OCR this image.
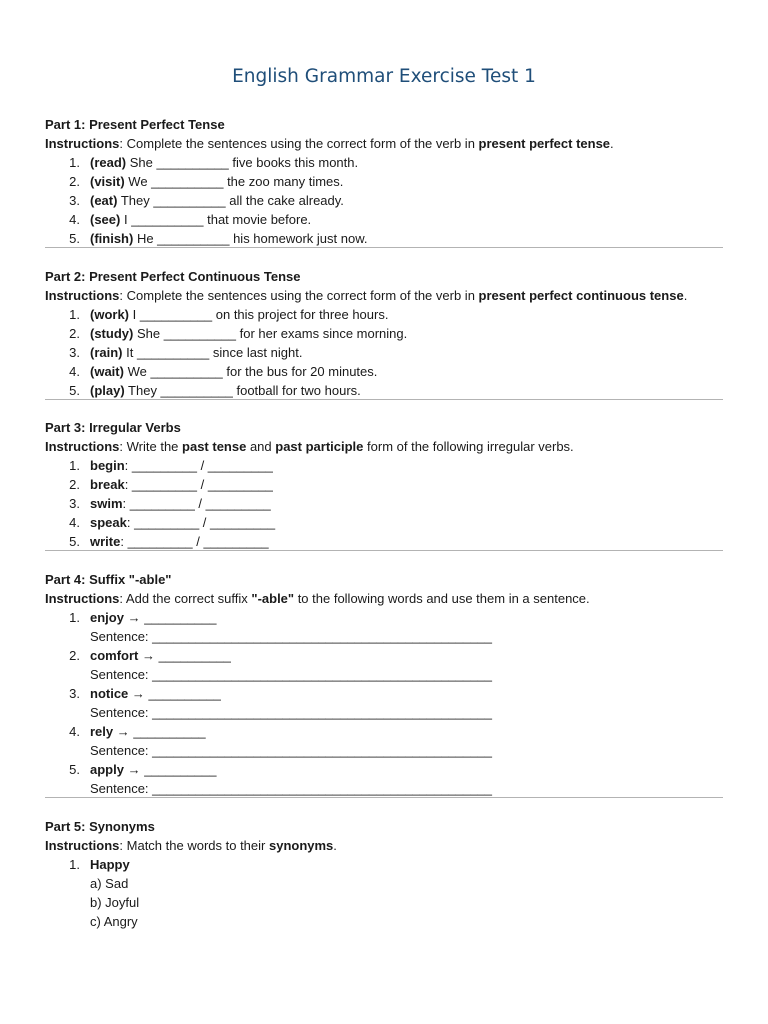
English Grammar Exercise Test 1
Part 1: Present Perfect Tense
Instructions: Complete the sentences using the correct form of the verb in present perfect tense.
1. (read) She __________ five books this month.
2. (visit) We __________ the zoo many times.
3. (eat) They __________ all the cake already.
4. (see) I __________ that movie before.
5. (finish) He __________ his homework just now.
Part 2: Present Perfect Continuous Tense
Instructions: Complete the sentences using the correct form of the verb in present perfect continuous tense.
1. (work) I __________ on this project for three hours.
2. (study) She __________ for her exams since morning.
3. (rain) It __________ since last night.
4. (wait) We __________ for the bus for 20 minutes.
5. (play) They __________ football for two hours.
Part 3: Irregular Verbs
Instructions: Write the past tense and past participle form of the following irregular verbs.
1. begin: _________ / _________
2. break: _________ / _________
3. swim: _________ / _________
4. speak: _________ / _________
5. write: _________ / _________
Part 4: Suffix "-able"
Instructions: Add the correct suffix "-able" to the following words and use them in a sentence.
1. enjoy → __________
Sentence: _______________________________________________
2. comfort → __________
Sentence: _______________________________________________
3. notice → __________
Sentence: _______________________________________________
4. rely → __________
Sentence: _______________________________________________
5. apply → __________
Sentence: _______________________________________________
Part 5: Synonyms
Instructions: Match the words to their synonyms.
1. Happy
a) Sad
b) Joyful
c) Angry
